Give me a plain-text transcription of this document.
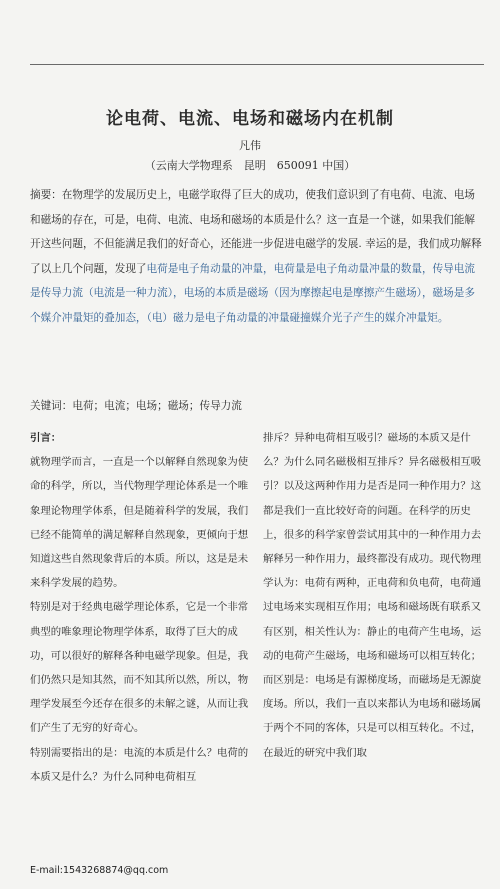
论电荷、电流、电场和磁场内在机制
凡伟
（云南大学物理系　昆明　650091 中国）
摘要：在物理学的发展历史上，电磁学取得了巨大的成功，使我们意识到了有电荷、电流、电场和磁场的存在，可是，电荷、电流、电场和磁场的本质是什么？这一直是一个谜，如果我们能解开这些问题，不但能满足我们的好奇心，还能进一步促进电磁学的发展. 幸运的是，我们成功解释了以上几个问题，发现了电荷是电子角动量的冲量，电荷量是电子角动量冲量的数量，传导电流是传导力流（电流是一种力流），电场的本质是磁场（因为摩擦起电是摩擦产生磁场），磁场是多个媒介冲量矩的叠加态，（电）磁力是电子角动量的冲量碰撞媒介光子产生的媒介冲量矩。
关键词：电荷；电流；电场；磁场；传导力流

引言：

就物理学而言，一直是一个以解释自然现象为使命的科学，所以，当代物理学理论体系是一个唯象理论物理学体系，但是随着科学的发展，我们已经不能简单的满足解释自然现象，更倾向于想知道这些自然现象背后的本质。所以，这是是未来科学发展的趋势。

特别是对于经典电磁学理论体系，它是一个非常典型的唯象理论物理学体系，取得了巨大的成功，可以很好的解释各种电磁学现象。但是，我们仍然只是知其然，而不知其所以然，所以，物理学发展至今还存在很多的未解之谜，从而让我们产生了无穷的好奇心。

特别需要指出的是：电流的本质是什么？电荷的本质又是什么？为什么同种电荷相互

排斥？异种电荷相互吸引？磁场的本质又是什么？为什么同名磁极相互排斥？异名磁极相互吸引？以及这两种作用力是否是同一种作用力？这都是我们一直比较好奇的问题。在科学的历史上，很多的科学家曾尝试用其中的一种作用力去解释另一种作用力，最终都没有成功。现代物理学认为：电荷有两种，正电荷和负电荷，电荷通过电场来实现相互作用；电场和磁场既有联系又有区别，相关性认为：静止的电荷产生电场，运动的电荷产生磁场，电场和磁场可以相互转化；而区别是：电场是有源梯度场，而磁场是无源旋度场。所以，我们一直以来都认为电场和磁场属于两个不同的客体，只是可以相互转化。不过，在最近的研究中我们取

E-mail:1543268874@qq.com
